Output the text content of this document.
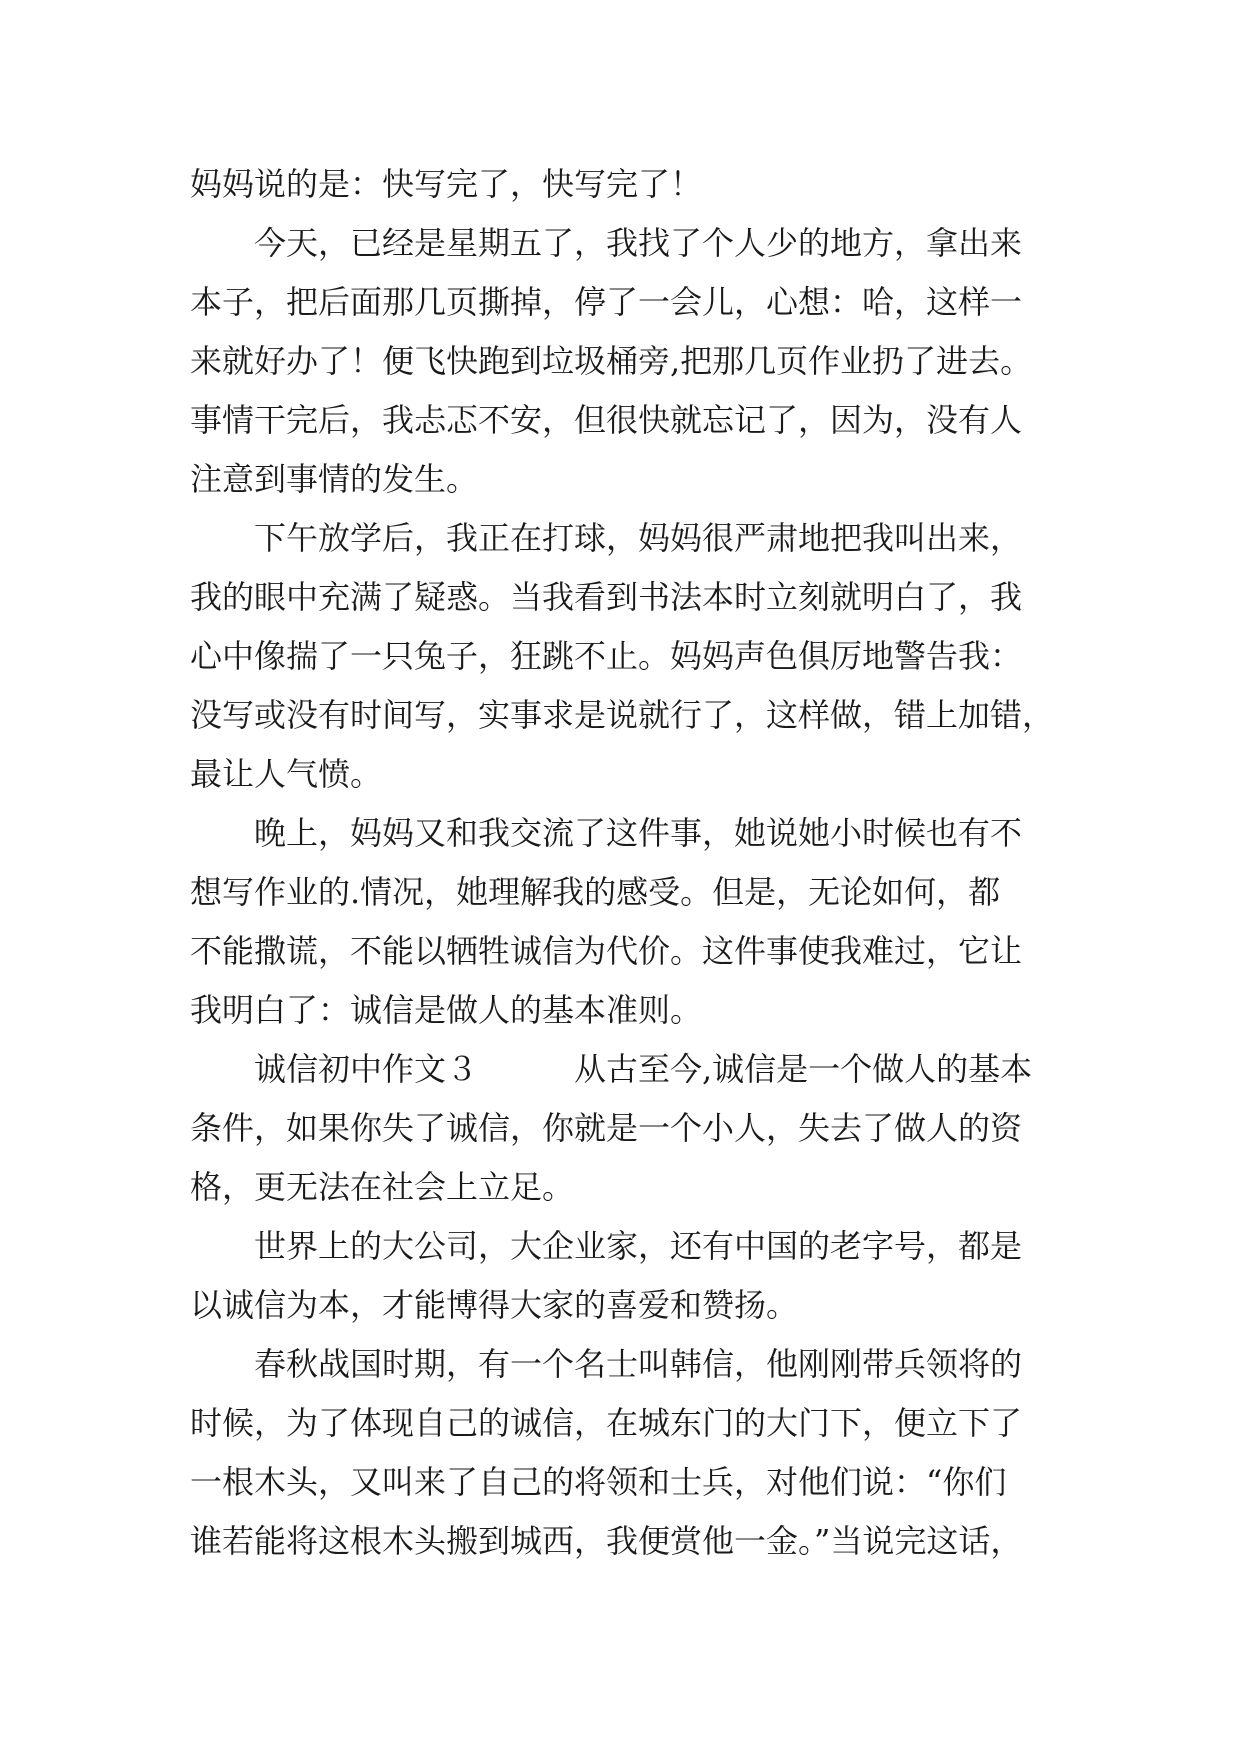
妈妈说的是：快写完了，快写完了！
　　今天，已经是星期五了，我找了个人少的地方，拿出来
本子，把后面那几页撕掉，停了一会儿，心想：哈，这样一
来就好办了！便飞快跑到垃圾桶旁,把那几页作业扔了进去。
事情干完后，我忐忑不安，但很快就忘记了，因为，没有人
注意到事情的发生。
　　下午放学后，我正在打球，妈妈很严肃地把我叫出来，
我的眼中充满了疑惑。当我看到书法本时立刻就明白了，我
心中像揣了一只兔子，狂跳不止。妈妈声色俱厉地警告我：
没写或没有时间写，实事求是说就行了，这样做，错上加错，
最让人气愤。
　　晚上，妈妈又和我交流了这件事，她说她小时候也有不
想写作业的.情况，她理解我的感受。但是，无论如何，都
不能撒谎，不能以牺牲诚信为代价。这件事使我难过，它让
我明白了：诚信是做人的基本准则。
　　诚信初中作文３　　　从古至今,诚信是一个做人的基本
条件，如果你失了诚信，你就是一个小人，失去了做人的资
格，更无法在社会上立足。
　　世界上的大公司，大企业家，还有中国的老字号，都是
以诚信为本，才能博得大家的喜爱和赞扬。
　　春秋战国时期，有一个名士叫韩信，他刚刚带兵领将的
时候，为了体现自己的诚信，在城东门的大门下，便立下了
一根木头，又叫来了自己的将领和士兵，对他们说：“你们
谁若能将这根木头搬到城西，我便赏他一金。”当说完这话，
